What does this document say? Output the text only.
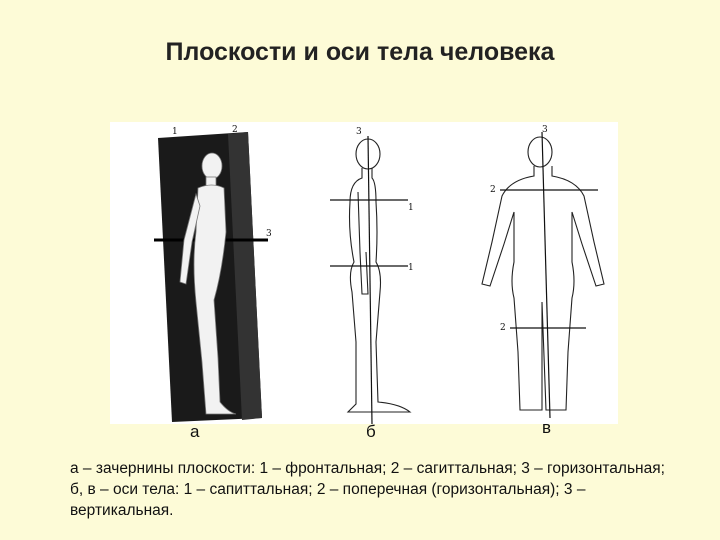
Плоскости и оси тела человека
1	2
3
3
1
1
3
2
2
а	б	в

а – зачернины плоскости: 1 – фронтальная; 2 – сагиттальная; 3 – горизонтальная; б, в – оси тела: 1 – сапиттальная; 2 – поперечная (горизонтальная); 3 – вертикальная.
